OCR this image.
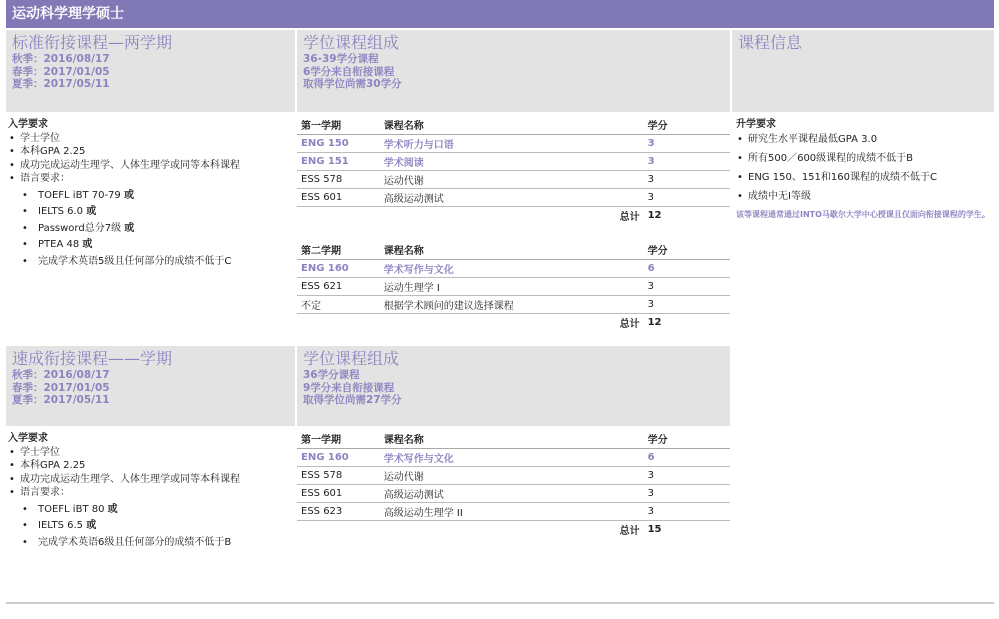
运动科学理学硕士
标准衔接课程—两学期
秋季：2016/08/17
春季：2017/01/05
夏季：2017/05/11
学位课程组成
36-39学分课程
6学分来自衔接课程
取得学位尚需30学分
课程信息
入学要求
• 学士学位
• 本科GPA 2.25
• 成功完成运动生理学、人体生理学或同等本科课程
• 语言要求：
• TOEFL iBT 70-79 或
• IELTS 6.0 或
• Password总分7级 或
• PTEA 48 或
• 完成学术英语5级且任何部分的成绩不低于C
第一学期	课程名称	学分
ENG 150	学术听力与口语	3
ENG 151	学术阅读	3
ESS 578	运动代谢	3
ESS 601	高级运动测试	3
	总计	12
第二学期	课程名称	学分
ENG 160	学术写作与文化	6
ESS 621	运动生理学 I	3
不定	根据学术顾问的建议选择课程	3
	总计	12
升学要求
• 研究生水平课程最低GPA 3.0
• 所有500／600级课程的成绩不低于B
• ENG 150、151和160课程的成绩不低于C
• 成绩中无I等级
该等课程通常通过INTO马歇尔大学中心授课且仅面向衔接课程的学生。
速成衔接课程——学期
秋季：2016/08/17
春季：2017/01/05
夏季：2017/05/11
学位课程组成
36学分课程
9学分来自衔接课程
取得学位尚需27学分
入学要求
• 学士学位
• 本科GPA 2.25
• 成功完成运动生理学、人体生理学或同等本科课程
• 语言要求：
• TOEFL iBT 80 或
• IELTS 6.5 或
• 完成学术英语6级且任何部分的成绩不低于B
第一学期	课程名称	学分
ENG 160	学术写作与文化	6
ESS 578	运动代谢	3
ESS 601	高级运动测试	3
ESS 623	高级运动生理学 II	3
	总计	15
